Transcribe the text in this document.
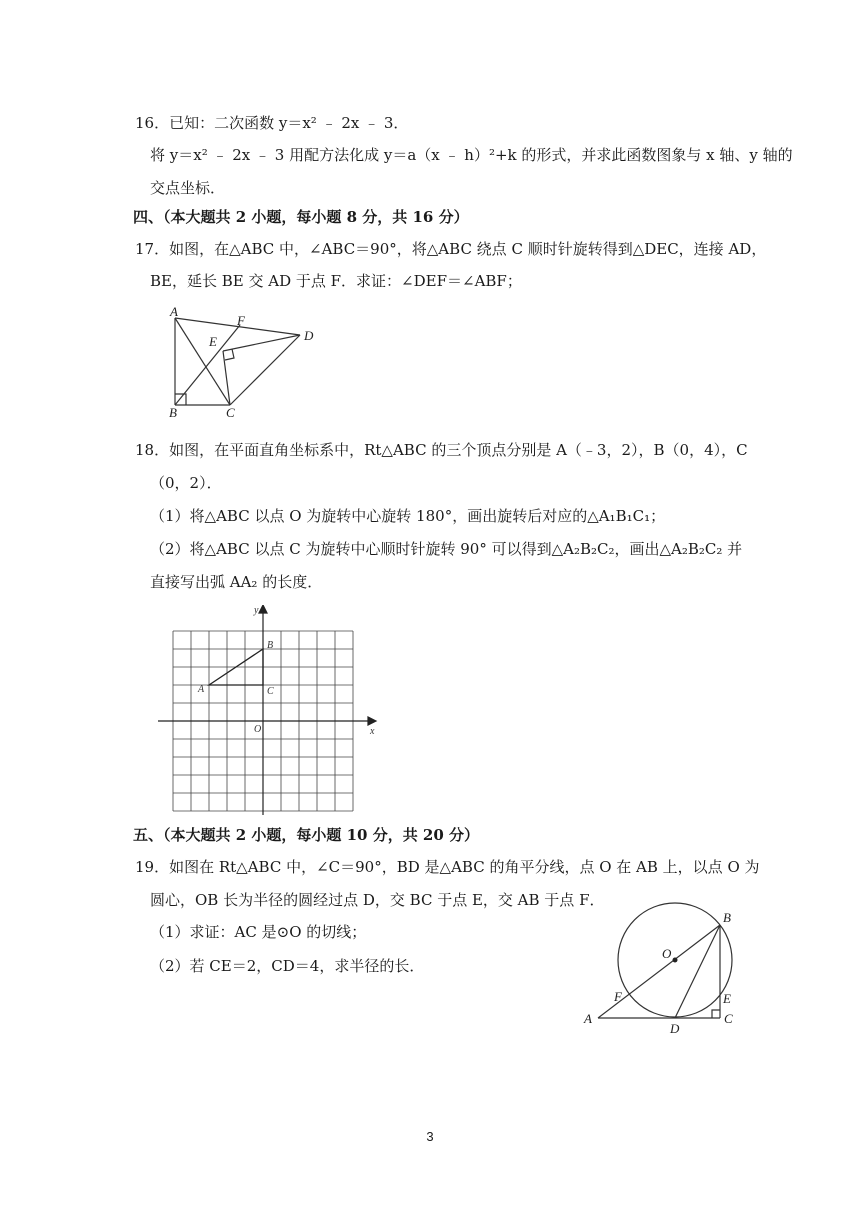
16．已知：二次函数 y＝x² ﹣ 2x ﹣ 3．
将 y＝x² ﹣ 2x ﹣ 3 用配方法化成 y＝a（x ﹣ h）²+k 的形式，并求此函数图象与 x 轴、y 轴的
交点坐标．
四、（本大题共 2 小题，每小题 8 分，共 16 分）
17．如图，在△ABC 中，∠ABC＝90°，将△ABC 绕点 C 顺时针旋转得到△DEC，连接 AD，
BE，延长 BE 交 AD 于点 F．求证：∠DEF＝∠ABF；
A
B	C
D
E
F
18．如图，在平面直角坐标系中，Rt△ABC 的三个顶点分别是 A（﹣3，2），B（0，4），C
（0，2）．
（1）将△ABC 以点 O 为旋转中心旋转 180°，画出旋转后对应的△A₁B₁C₁；
（2）将△ABC 以点 C 为旋转中心顺时针旋转 90° 可以得到△A₂B₂C₂，画出△A₂B₂C₂ 并
直接写出弧 AA₂ 的长度．
y
x
O
A
B
C
五、（本大题共 2 小题，每小题 10 分，共 20 分）
19．如图在 Rt△ABC 中，∠C＝90°，BD 是△ABC 的角平分线，点 O 在 AB 上，以点 O 为
圆心，OB 长为半径的圆经过点 D，交 BC 于点 E，交 AB 于点 F．
（1）求证：AC 是⊙O 的切线；
（2）若 CE＝2，CD＝4，求半径的长．
A
B
C
D
E
F
O
3
